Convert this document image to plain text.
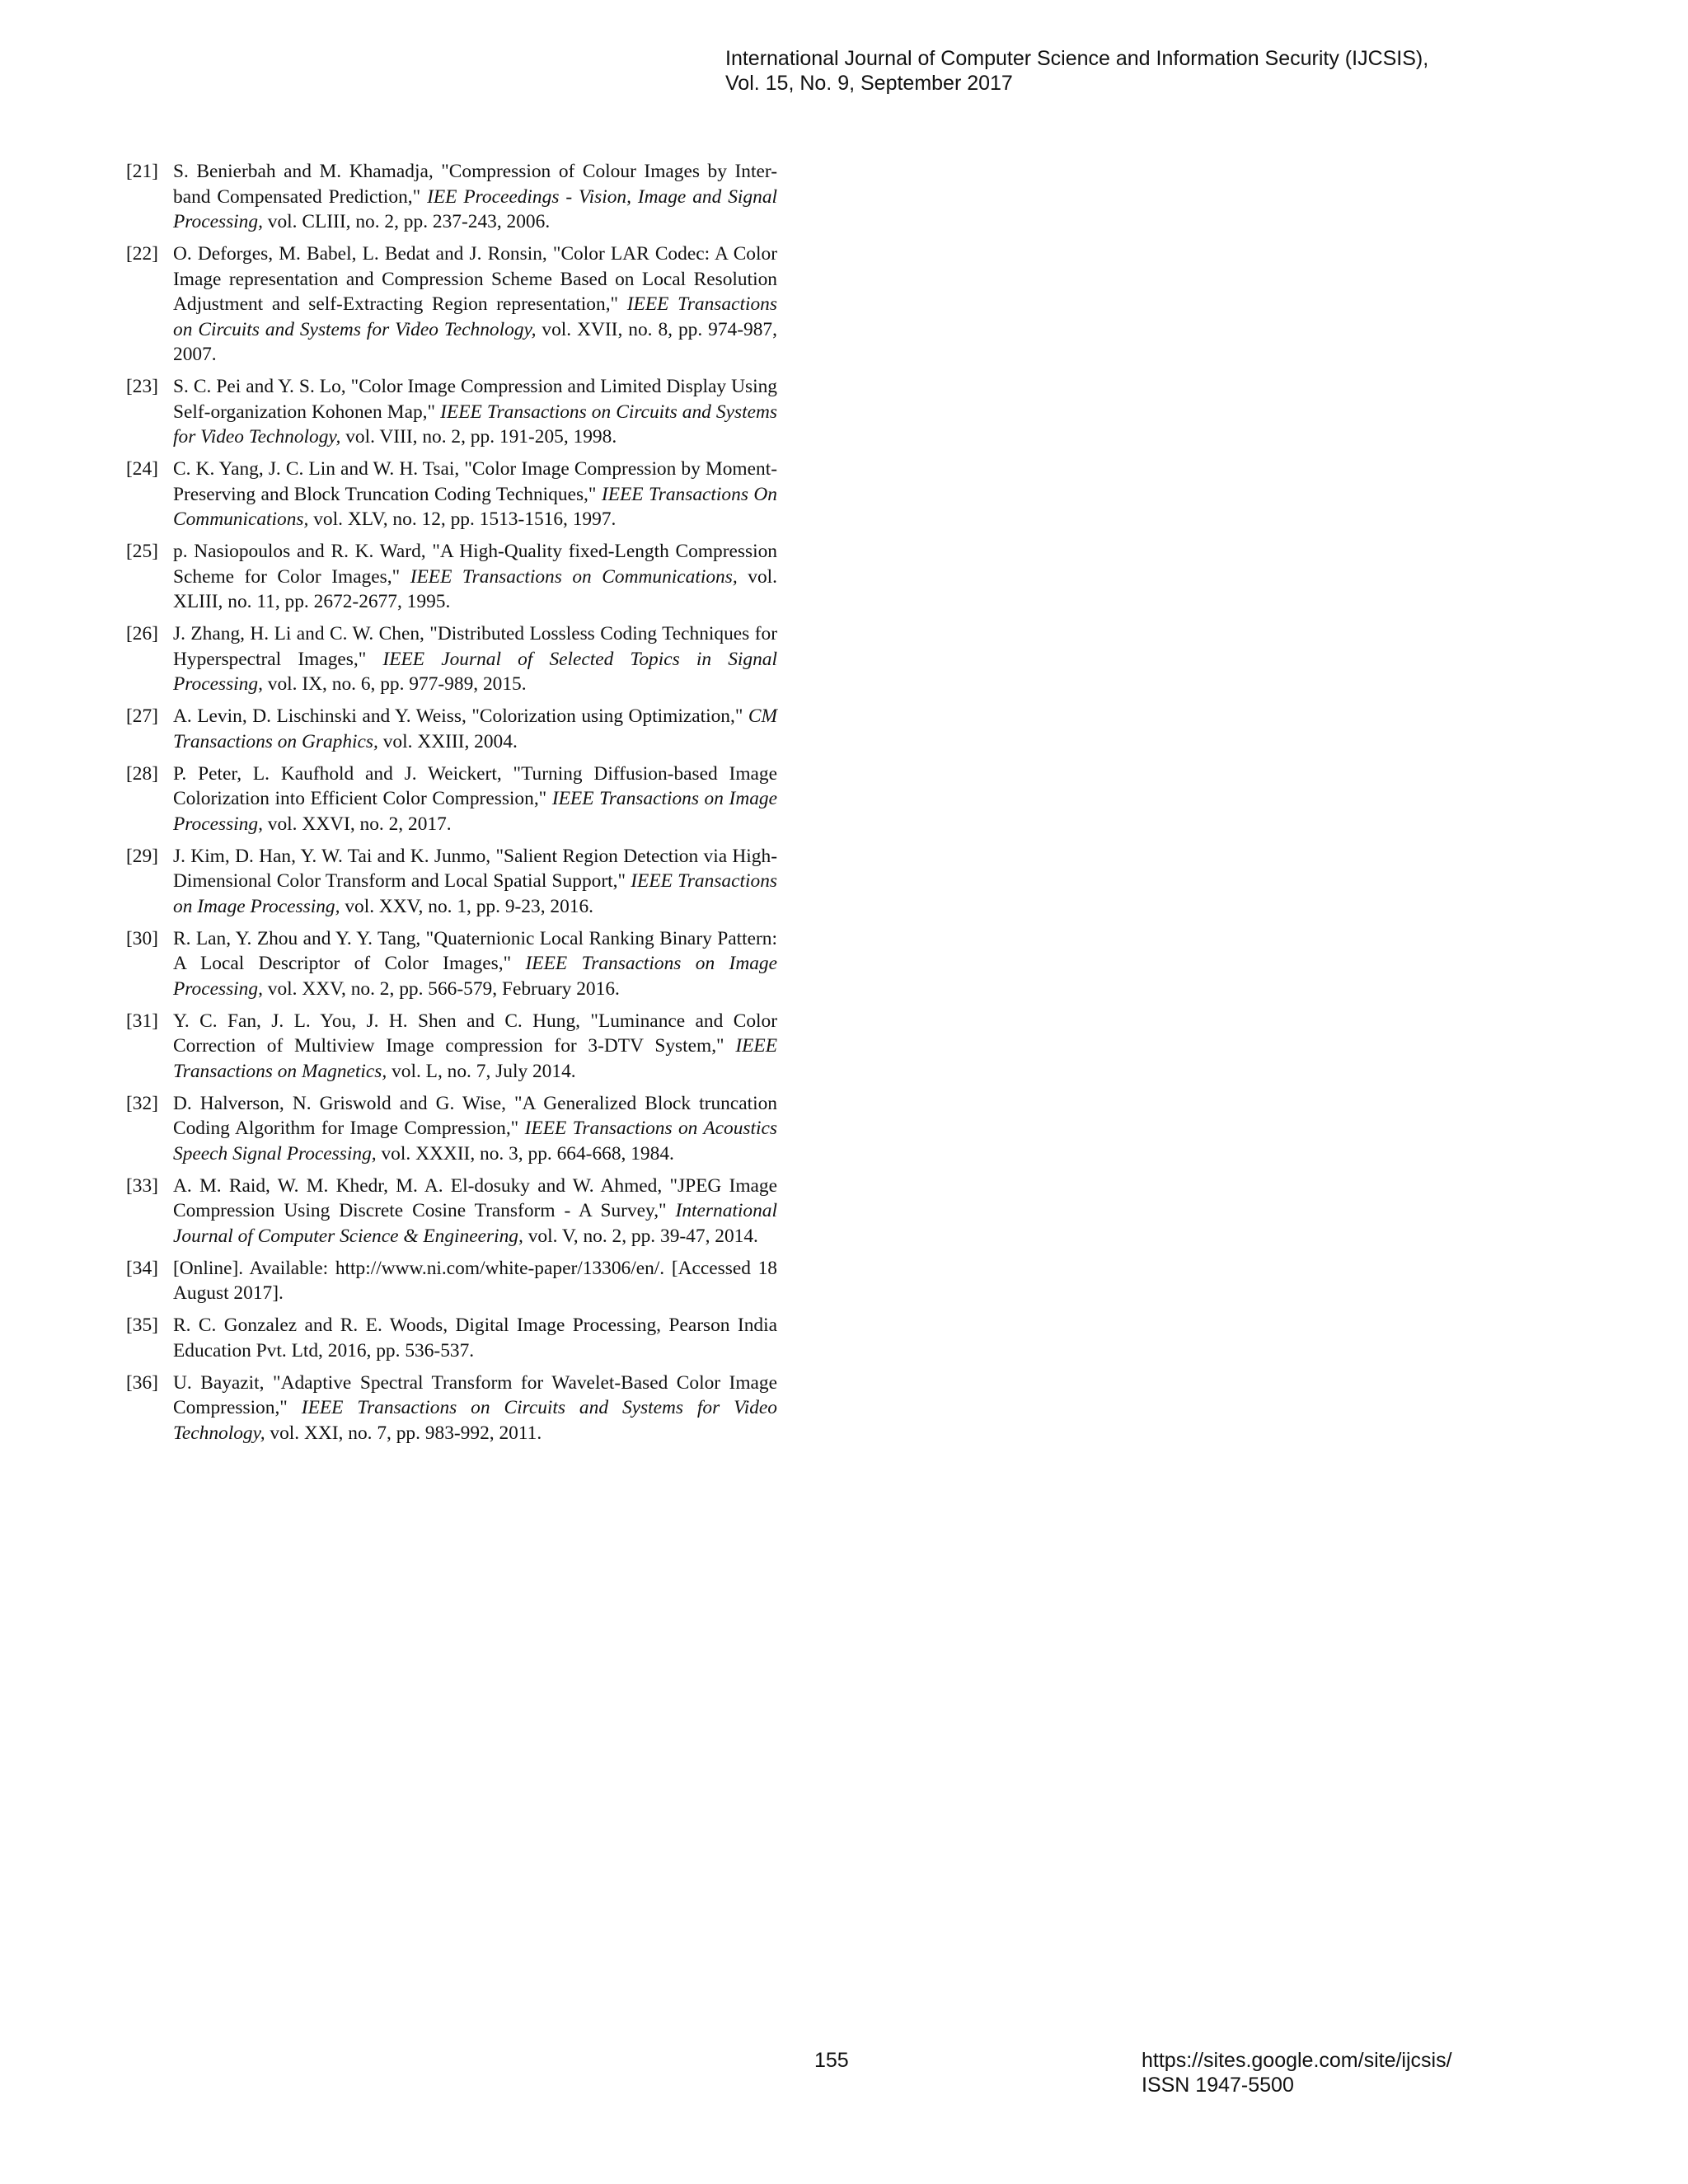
International Journal of Computer Science and Information Security (IJCSIS),
Vol. 15, No. 9, September 2017
[21] S. Benierbah and M. Khamadja, "Compression of Colour Images by Inter-band Compensated Prediction," IEE Proceedings - Vision, Image and Signal Processing, vol. CLIII, no. 2, pp. 237-243, 2006.
[22] O. Deforges, M. Babel, L. Bedat and J. Ronsin, "Color LAR Codec: A Color Image representation and Compression Scheme Based on Local Resolution Adjustment and self-Extracting Region representation," IEEE Transactions on Circuits and Systems for Video Technology, vol. XVII, no. 8, pp. 974-987, 2007.
[23] S. C. Pei and Y. S. Lo, "Color Image Compression and Limited Display Using Self-organization Kohonen Map," IEEE Transactions on Circuits and Systems for Video Technology, vol. VIII, no. 2, pp. 191-205, 1998.
[24] C. K. Yang, J. C. Lin and W. H. Tsai, "Color Image Compression by Moment-Preserving and Block Truncation Coding Techniques," IEEE Transactions On Communications, vol. XLV, no. 12, pp. 1513-1516, 1997.
[25] p. Nasiopoulos and R. K. Ward, "A High-Quality fixed-Length Compression Scheme for Color Images," IEEE Transactions on Communications, vol. XLIII, no. 11, pp. 2672-2677, 1995.
[26] J. Zhang, H. Li and C. W. Chen, "Distributed Lossless Coding Techniques for Hyperspectral Images," IEEE Journal of Selected Topics in Signal Processing, vol. IX, no. 6, pp. 977-989, 2015.
[27] A. Levin, D. Lischinski and Y. Weiss, "Colorization using Optimization," CM Transactions on Graphics, vol. XXIII, 2004.
[28] P. Peter, L. Kaufhold and J. Weickert, "Turning Diffusion-based Image Colorization into Efficient Color Compression," IEEE Transactions on Image Processing, vol. XXVI, no. 2, 2017.
[29] J. Kim, D. Han, Y. W. Tai and K. Junmo, "Salient Region Detection via High-Dimensional Color Transform and Local Spatial Support," IEEE Transactions on Image Processing, vol. XXV, no. 1, pp. 9-23, 2016.
[30] R. Lan, Y. Zhou and Y. Y. Tang, "Quaternionic Local Ranking Binary Pattern: A Local Descriptor of Color Images," IEEE Transactions on Image Processing, vol. XXV, no. 2, pp. 566-579, February 2016.
[31] Y. C. Fan, J. L. You, J. H. Shen and C. Hung, "Luminance and Color Correction of Multiview Image compression for 3-DTV System," IEEE Transactions on Magnetics, vol. L, no. 7, July 2014.
[32] D. Halverson, N. Griswold and G. Wise, "A Generalized Block truncation Coding Algorithm for Image Compression," IEEE Transactions on Acoustics Speech Signal Processing, vol. XXXII, no. 3, pp. 664-668, 1984.
[33] A. M. Raid, W. M. Khedr, M. A. El-dosuky and W. Ahmed, "JPEG Image Compression Using Discrete Cosine Transform - A Survey," International Journal of Computer Science & Engineering, vol. V, no. 2, pp. 39-47, 2014.
[34] [Online]. Available: http://www.ni.com/white-paper/13306/en/. [Accessed 18 August 2017].
[35] R. C. Gonzalez and R. E. Woods, Digital Image Processing, Pearson India Education Pvt. Ltd, 2016, pp. 536-537.
[36] U. Bayazit, "Adaptive Spectral Transform for Wavelet-Based Color Image Compression," IEEE Transactions on Circuits and Systems for Video Technology, vol. XXI, no. 7, pp. 983-992, 2011.
155	https://sites.google.com/site/ijcsis/
ISSN 1947-5500
